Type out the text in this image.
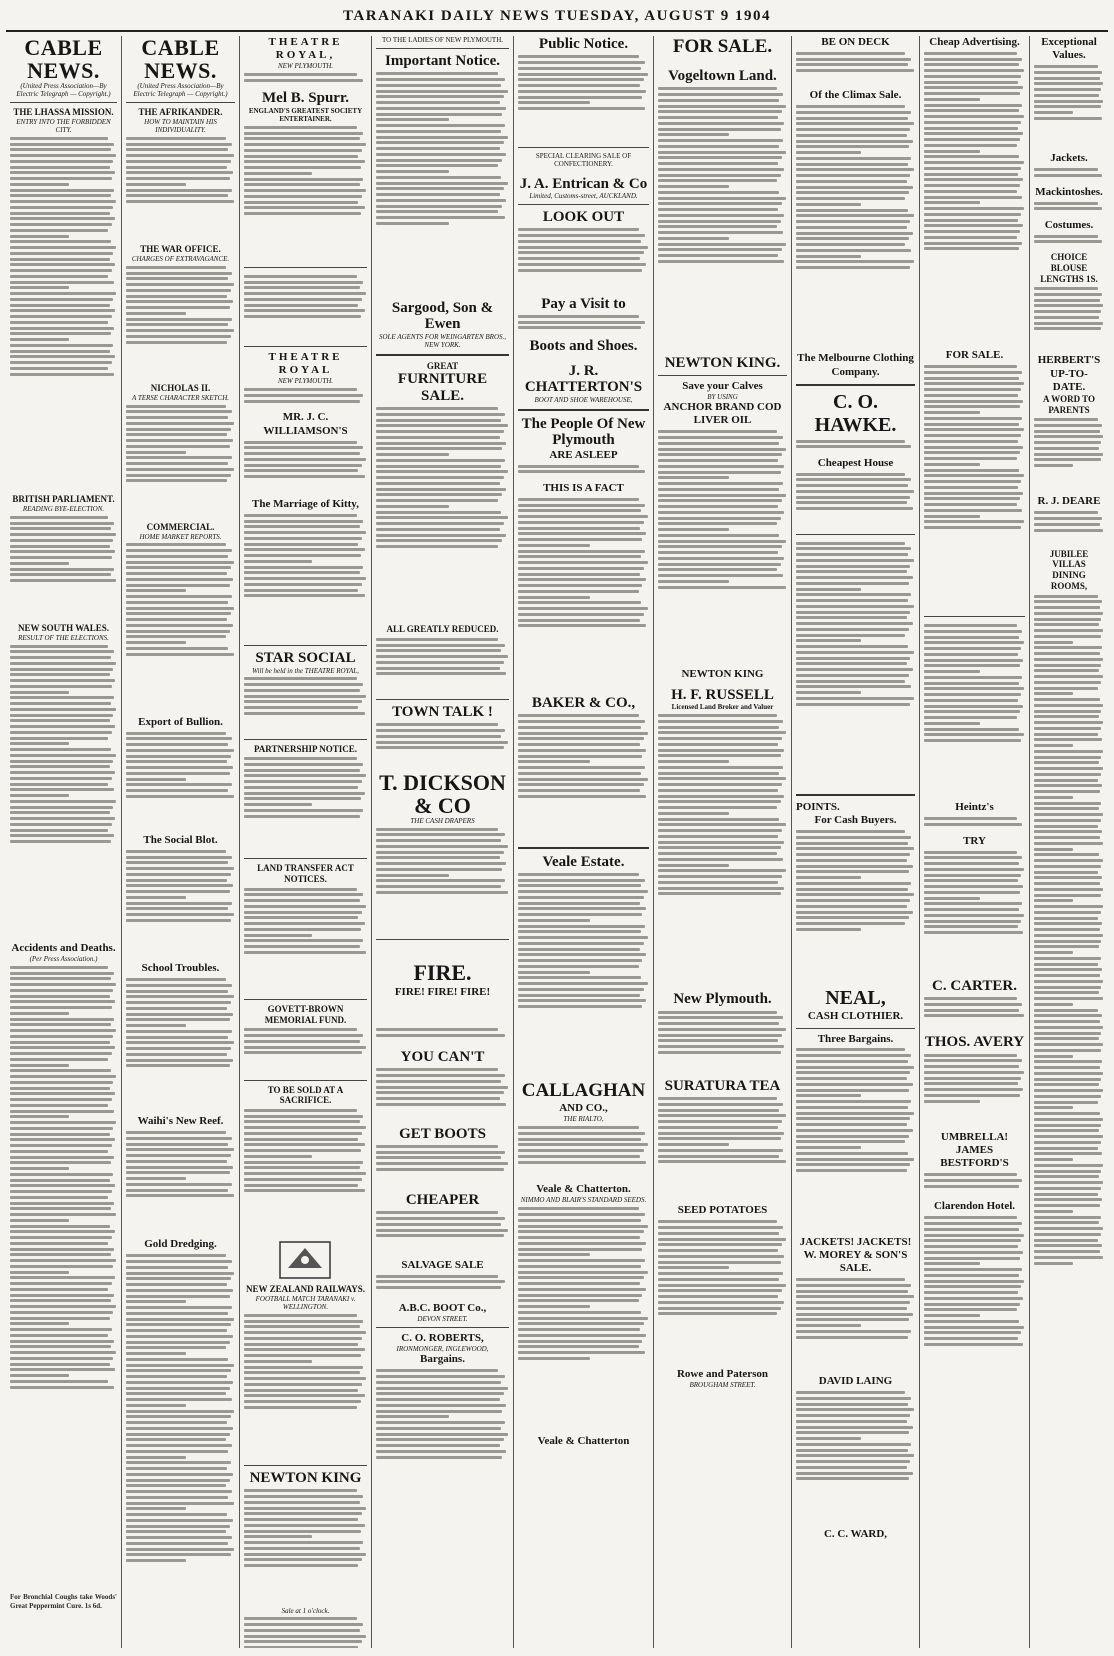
TARANAKI DAILY NEWS TUESDAY, AUGUST 9 1904
CABLE NEWS.
(United Press Association—By Electric Telegraph — Copyright.)
THE LHASSA MISSION.
ENTRY INTO THE FORBIDDEN CITY.
BRITISH PARLIAMENT.
READING BYE-ELECTION.
NEW SOUTH WALES.
RESULT OF THE ELECTIONS.
Accidents and Deaths.
(Per Press Association.)
For Bronchial Coughs take Woods' Great Peppermint Cure. 1s 6d.
CABLE NEWS.
(United Press Association—By Electric Telegraph — Copyright.)
THE AFRIKANDER.
HOW TO MAINTAIN HIS INDIVIDUALITY.
THE WAR OFFICE.
CHARGES OF EXTRAVAGANCE.
NICHOLAS II.
A TERSE CHARACTER SKETCH.
COMMERCIAL.
HOME MARKET REPORTS.
Export of Bullion.
The Social Blot.
School Troubles.
Waihi's New Reef.
Gold Dredging.
THEATRE ROYAL,
NEW PLYMOUTH.
Mel B. Spurr.
ENGLAND'S GREATEST SOCIETY ENTERTAINER.
THEATRE ROYAL
NEW PLYMOUTH.
MR. J. C. WILLIAMSON'S
The Marriage of Kitty,
STAR SOCIAL
Will be held in the THEATRE ROYAL,
PARTNERSHIP NOTICE.
LAND TRANSFER ACT NOTICES.
GOVETT-BROWN MEMORIAL FUND.
TO BE SOLD AT A SACRIFICE.
NEW ZEALAND RAILWAYS.
FOOTBALL MATCH TARANAKI v. WELLINGTON.
NEWTON KING
Sale at 1 o'clock.
TO THE LADIES OF NEW PLYMOUTH.
Important Notice.
Sargood, Son & Ewen
SOLE AGENTS FOR WEINGARTEN BROS., NEW YORK.
GREAT
FURNITURE SALE.
ALL GREATLY REDUCED.
TOWN TALK !
T. DICKSON & CO
THE CASH DRAPERS
FIRE.
FIRE! FIRE! FIRE!
YOU CAN'T
GET BOOTS
CHEAPER
SALVAGE SALE
A.B.C. BOOT Co.,
DEVON STREET.
C. O. ROBERTS,
IRONMONGER, INGLEWOOD,
Bargains.
Public Notice.
SPECIAL CLEARING SALE OF CONFECTIONERY.
J. A. Entrican & Co
Limited, Customs-street, AUCKLAND.
LOOK OUT
Pay a Visit to
Boots and Shoes.
J. R. CHATTERTON'S
BOOT AND SHOE WAREHOUSE,
The People Of New Plymouth
ARE ASLEEP
THIS IS A FACT
BAKER & CO.,
Veale Estate.
CALLAGHAN
AND CO.,
THE RIALTO,
Veale & Chatterton.
NIMMO AND BLAIR'S STANDARD SEEDS.
Veale & Chatterton
FOR SALE.
Vogeltown Land.
NEWTON KING.
Save your Calves
BY USING
ANCHOR BRAND COD LIVER OIL
NEWTON KING
H. F. RUSSELL
Licensed Land Broker and Valuer
New Plymouth.
SURATURA TEA
SEED POTATOES
Rowe and Paterson
BROUGHAM STREET.
BE ON DECK
Of the Climax Sale.
The Melbourne Clothing Company.
C. O. HAWKE.
Cheapest House
POINTS.
For Cash Buyers.
NEAL,
CASH CLOTHIER.
Three Bargains.
JACKETS! JACKETS!
W. MOREY & SON'S SALE.
DAVID LAING
C. C. WARD,
Cheap Advertising.
FOR SALE.
Heintz's
TRY
C. CARTER.
THOS. AVERY
UMBRELLA!
JAMES BESTFORD'S
Clarendon Hotel.
Exceptional Values.
Jackets.
Mackintoshes.
Costumes.
CHOICE BLOUSE LENGTHS 1S.
HERBERT'S UP-TO-DATE.
A WORD TO PARENTS
R. J. DEARE
JUBILEE VILLAS
DINING ROOMS,
